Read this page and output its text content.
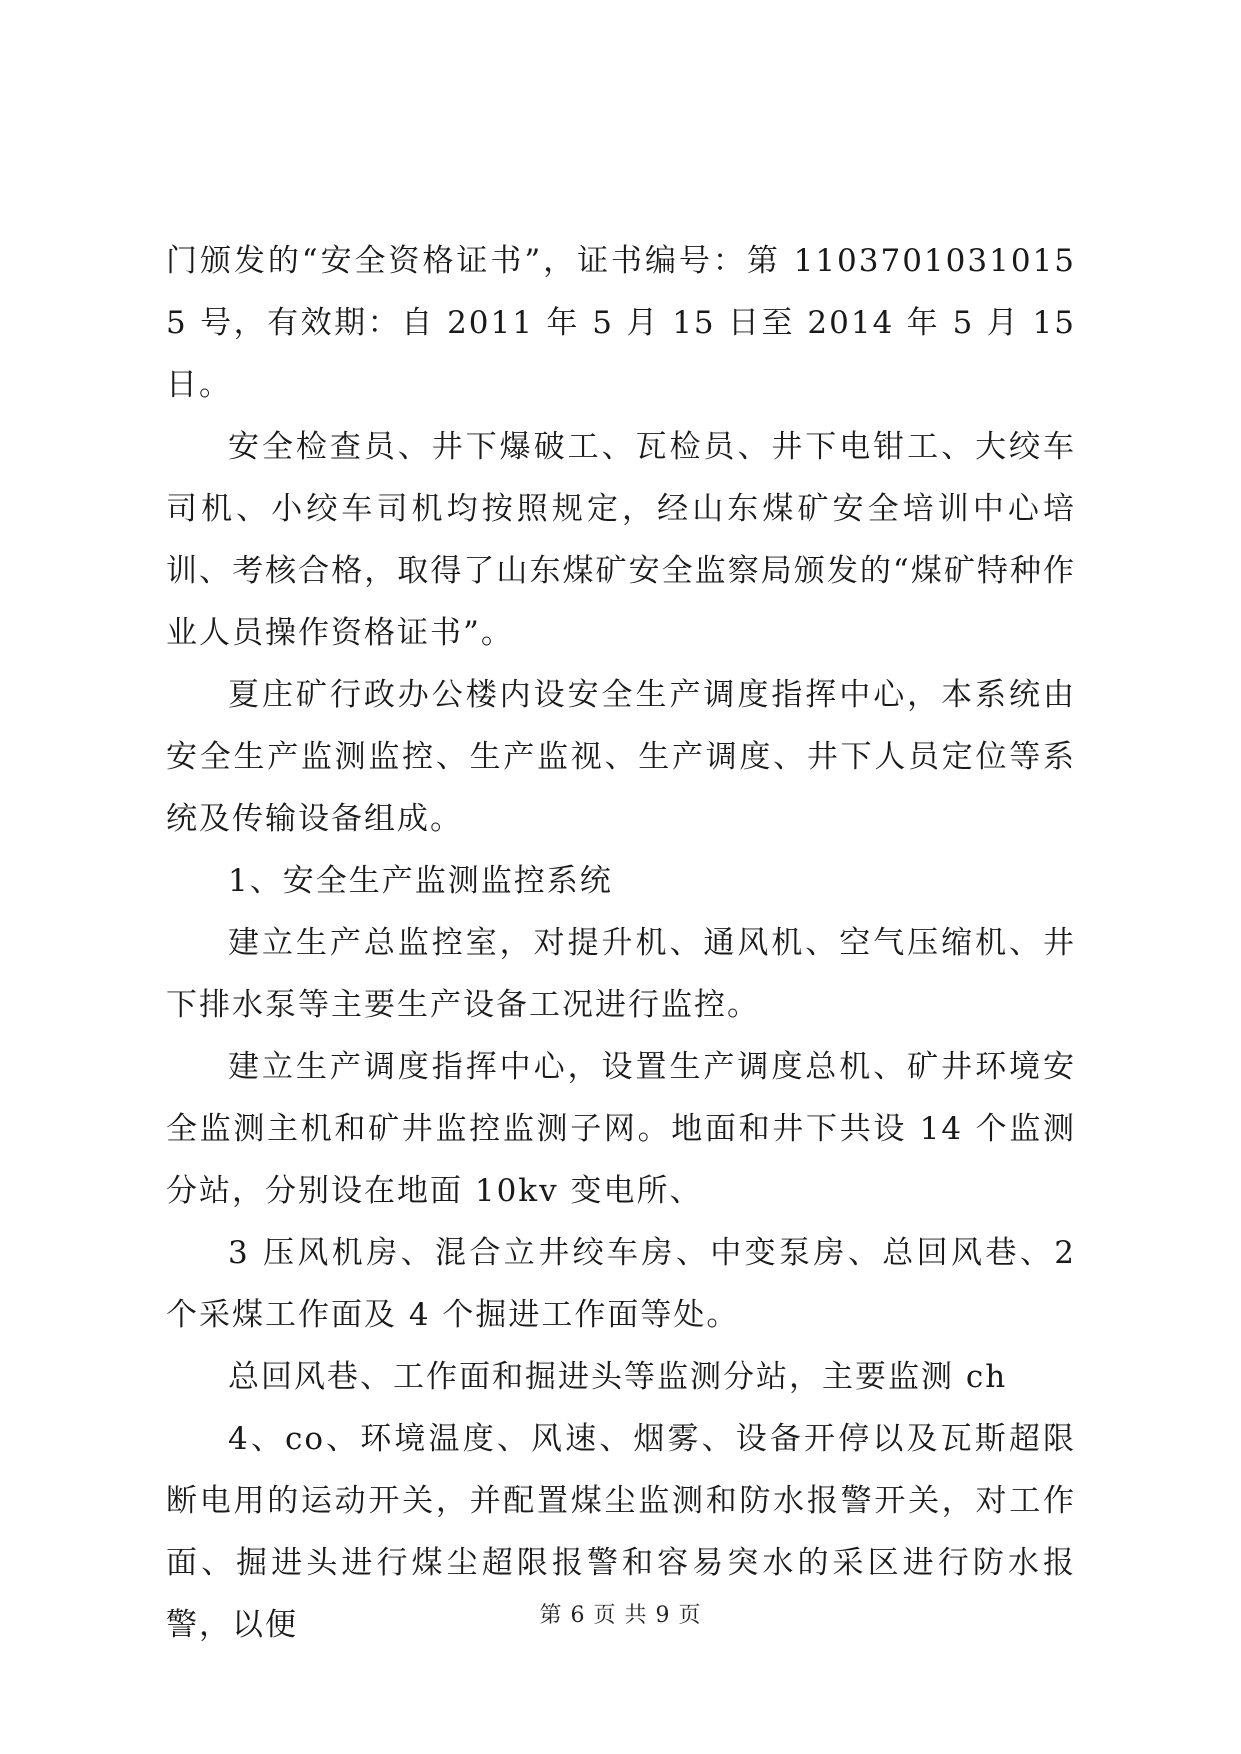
门颁发的“安全资格证书”，证书编号：第 11037010310155 号，有效期：自 2011 年 5 月 15 日至 2014 年 5 月 15 日。

安全检查员、井下爆破工、瓦检员、井下电钳工、大绞车司机、小绞车司机均按照规定，经山东煤矿安全培训中心培训、考核合格，取得了山东煤矿安全监察局颁发的“煤矿特种作业人员操作资格证书”。

夏庄矿行政办公楼内设安全生产调度指挥中心，本系统由安全生产监测监控、生产监视、生产调度、井下人员定位等系统及传输设备组成。

1、安全生产监测监控系统

建立生产总监控室，对提升机、通风机、空气压缩机、井下排水泵等主要生产设备工况进行监控。

建立生产调度指挥中心，设置生产调度总机、矿井环境安全监测主机和矿井监控监测子网。地面和井下共设 14 个监测分站，分别设在地面 10kv 变电所、

3 压风机房、混合立井绞车房、中变泵房、总回风巷、2 个采煤工作面及 4 个掘进工作面等处。

总回风巷、工作面和掘进头等监测分站，主要监测 ch

4、co、环境温度、风速、烟雾、设备开停以及瓦斯超限断电用的运动开关，并配置煤尘监测和防水报警开关，对工作面、掘进头进行煤尘超限报警和容易突水的采区进行防水报警，以便	第 6 页 共 9 页
